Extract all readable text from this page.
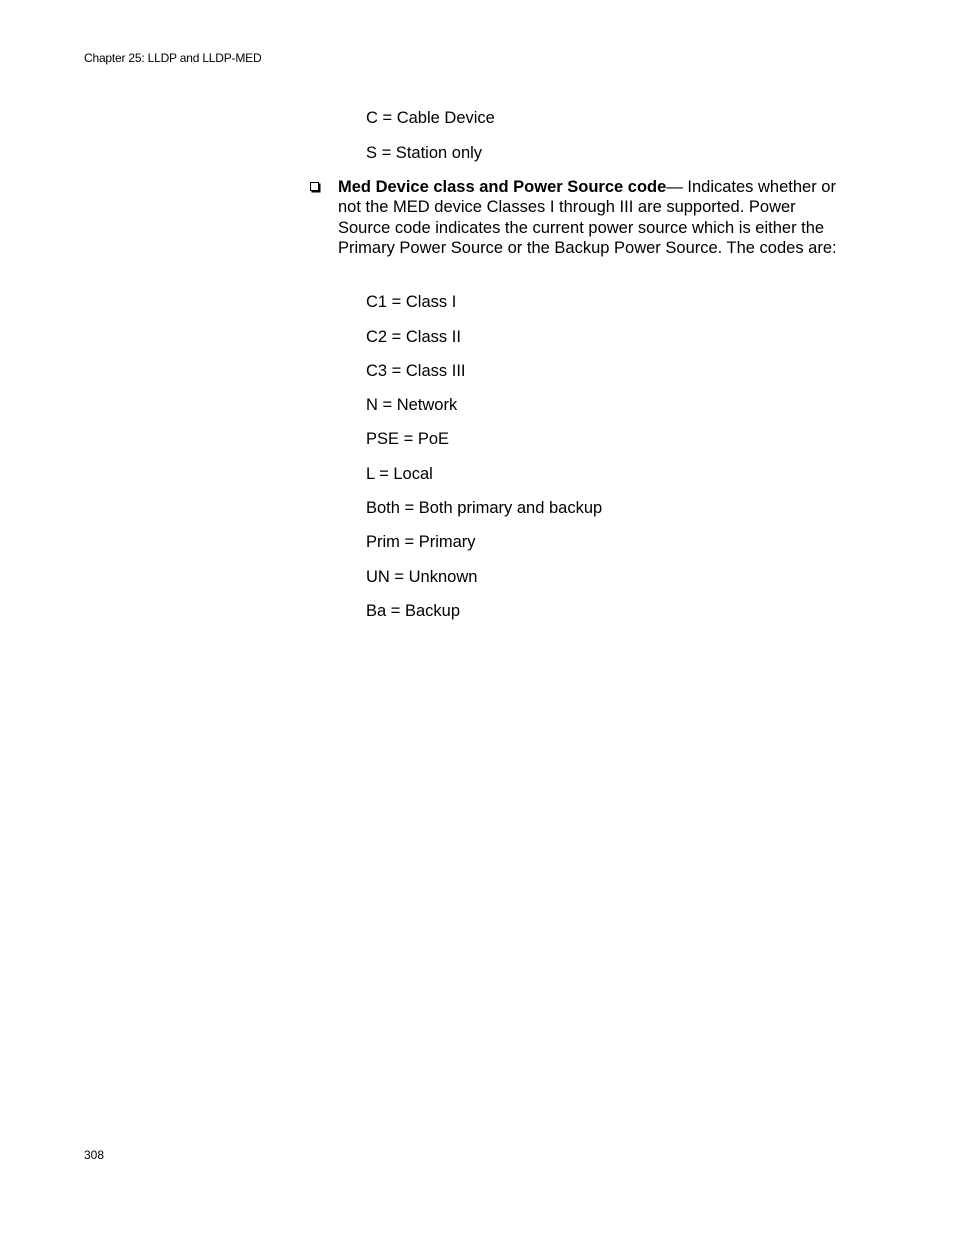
Chapter 25: LLDP and LLDP-MED
C = Cable Device
S = Station only
Med Device class and Power Source code— Indicates whether or not the MED device Classes I through III are supported. Power Source code indicates the current power source which is either the Primary Power Source or the Backup Power Source. The codes are:
C1 = Class I
C2 = Class II
C3 = Class III
N = Network
PSE = PoE
L = Local
Both = Both primary and backup
Prim = Primary
UN = Unknown
Ba = Backup
308
